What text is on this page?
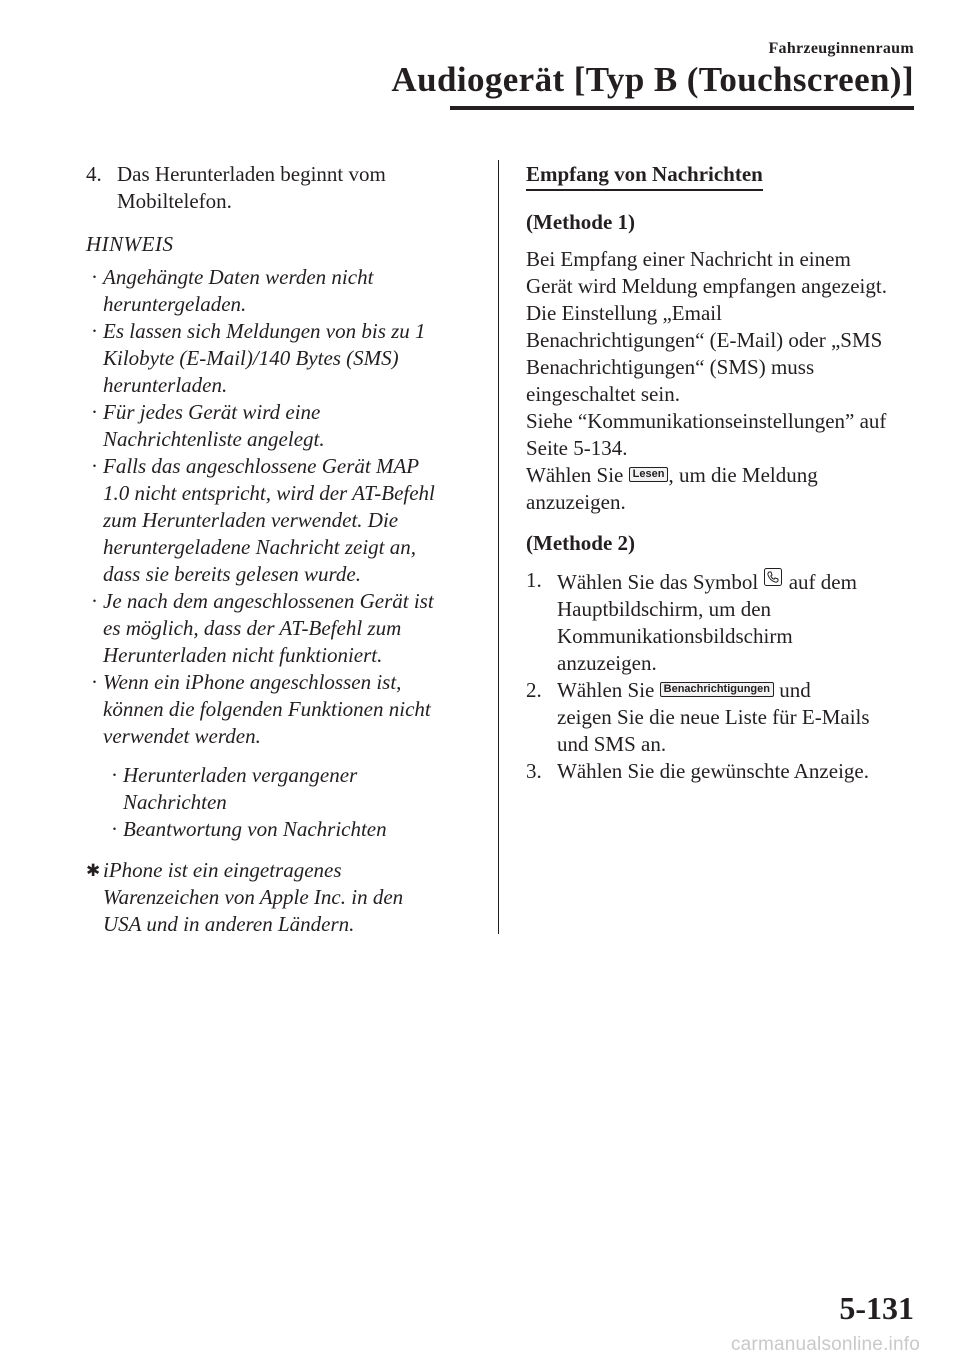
Fahrzeuginnenraum
Audiogerät [Typ B (Touchscreen)]
4. Das Herunterladen beginnt vom
Mobiltelefon.
HINWEIS
· Angehängte Daten werden nicht
heruntergeladen.
· Es lassen sich Meldungen von bis zu 1
Kilobyte (E-Mail)/140 Bytes (SMS)
herunterladen.
· Für jedes Gerät wird eine
Nachrichtenliste angelegt.
· Falls das angeschlossene Gerät MAP
1.0 nicht entspricht, wird der AT-Befehl
zum Herunterladen verwendet. Die
heruntergeladene Nachricht zeigt an,
dass sie bereits gelesen wurde.
· Je nach dem angeschlossenen Gerät ist
es möglich, dass der AT-Befehl zum
Herunterladen nicht funktioniert.
· Wenn ein iPhone angeschlossen ist,
können die folgenden Funktionen nicht
verwendet werden.
· Herunterladen vergangener
Nachrichten
· Beantwortung von Nachrichten
✱ iPhone ist ein eingetragenes
Warenzeichen von Apple Inc. in den
USA und in anderen Ländern.
Empfang von Nachrichten
(Methode 1)
Bei Empfang einer Nachricht in einem
Gerät wird Meldung empfangen angezeigt.
Die Einstellung „Email
Benachrichtigungen“ (E-Mail) oder „SMS
Benachrichtigungen“ (SMS) muss
eingeschaltet sein.
Siehe “Kommunikationseinstellungen” auf
Seite 5-134.
Wählen Sie Lesen , um die Meldung
anzuzeigen.
(Methode 2)
1. Wählen Sie das Symbol auf dem
Hauptbildschirm, um den
Kommunikationsbildschirm
anzuzeigen.
2. Wählen Sie Benachrichtigungen und
zeigen Sie die neue Liste für E-Mails
und SMS an.
3. Wählen Sie die gewünschte Anzeige.
5-131
carmanualsonline.info
